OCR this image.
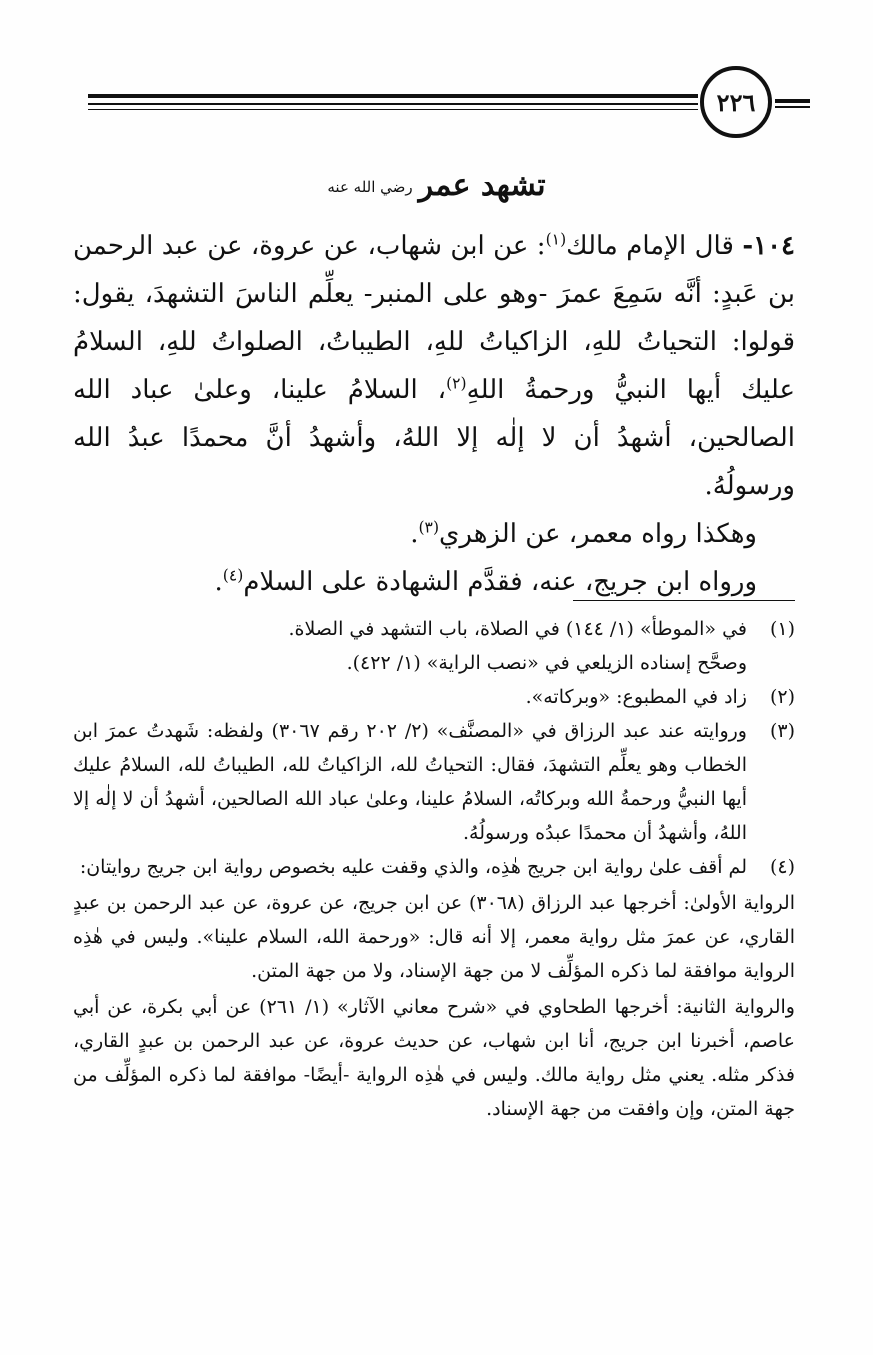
٢٢٦
تشهد عمررضي الله عنه

١٠٤- قال الإمام مالك$^{(١)}$: عن ابن شهاب، عن عروة، عن عبد الرحمن بن عَبدٍ: أنَّه سَمِعَ عمرَ -وهو على المنبر- يعلِّم الناسَ التشهدَ، يقول: قولوا: التحياتُ للهِ، الزاكياتُ للهِ، الطيباتُ، الصلواتُ للهِ، السلامُ عليك أيها النبيُّ ورحمةُ اللهِ$^{(٢)}$، السلامُ علينا، وعلىٰ عباد الله الصالحين، أشهدُ أن لا إلٰه إلا اللهُ، وأشهدُ أنَّ محمدًا عبدُ الله ورسولُهُ.

وهكذا رواه معمر، عن الزهري$^{(٣)}$.

ورواه ابن جريج، عنه، فقدَّم الشهادة على السلام$^{(٤)}$.

(١)

في «الموطأ» (١/ ١٤٤) في الصلاة، باب التشهد في الصلاة.

وصحَّح إسناده الزيلعي في «نصب الراية» (١/ ٤٢٢).

(٢)

زاد في المطبوع: «وبركاته».

(٣)

وروايته عند عبد الرزاق في «المصنَّف» (٢/ ٢٠٢ رقم ٣٠٦٧) ولفظه: شَهدتُ عمرَ ابن الخطاب وهو يعلِّم التشهدَ، فقال: التحياتُ لله، الزاكياتُ لله، الطيباتُ لله، السلامُ عليك أيها النبيُّ ورحمةُ الله وبركاتُه، السلامُ علينا، وعلىٰ عباد الله الصالحين، أشهدُ أن لا إلٰه إلا اللهُ، وأشهدُ أن محمدًا عبدُه ورسولُهُ.

(٤)

لم أقف علىٰ رواية ابن جريج هٰذِه، والذي وقفت عليه بخصوص رواية ابن جريج روايتان:

الرواية الأولىٰ: أخرجها عبد الرزاق (٣٠٦٨) عن ابن جريج، عن عروة، عن عبد الرحمن بن عبدٍ القاري، عن عمرَ مثل رواية معمر، إلا أنه قال: «ورحمة الله، السلام علينا». وليس في هٰذِه الرواية موافقة لما ذكره المؤلِّف لا من جهة الإسناد، ولا من جهة المتن.

والرواية الثانية: أخرجها الطحاوي في «شرح معاني الآثار» (١/ ٢٦١) عن أبي بكرة، عن أبي عاصم، أخبرنا ابن جريج، أنا ابن شهاب، عن حديث عروة، عن عبد الرحمن بن عبدٍ القاري، فذكر مثله. يعني مثل رواية مالك. وليس في هٰذِه الرواية -أيضًا- موافقة لما ذكره المؤلِّف من جهة المتن، وإن وافقت من جهة الإسناد.
